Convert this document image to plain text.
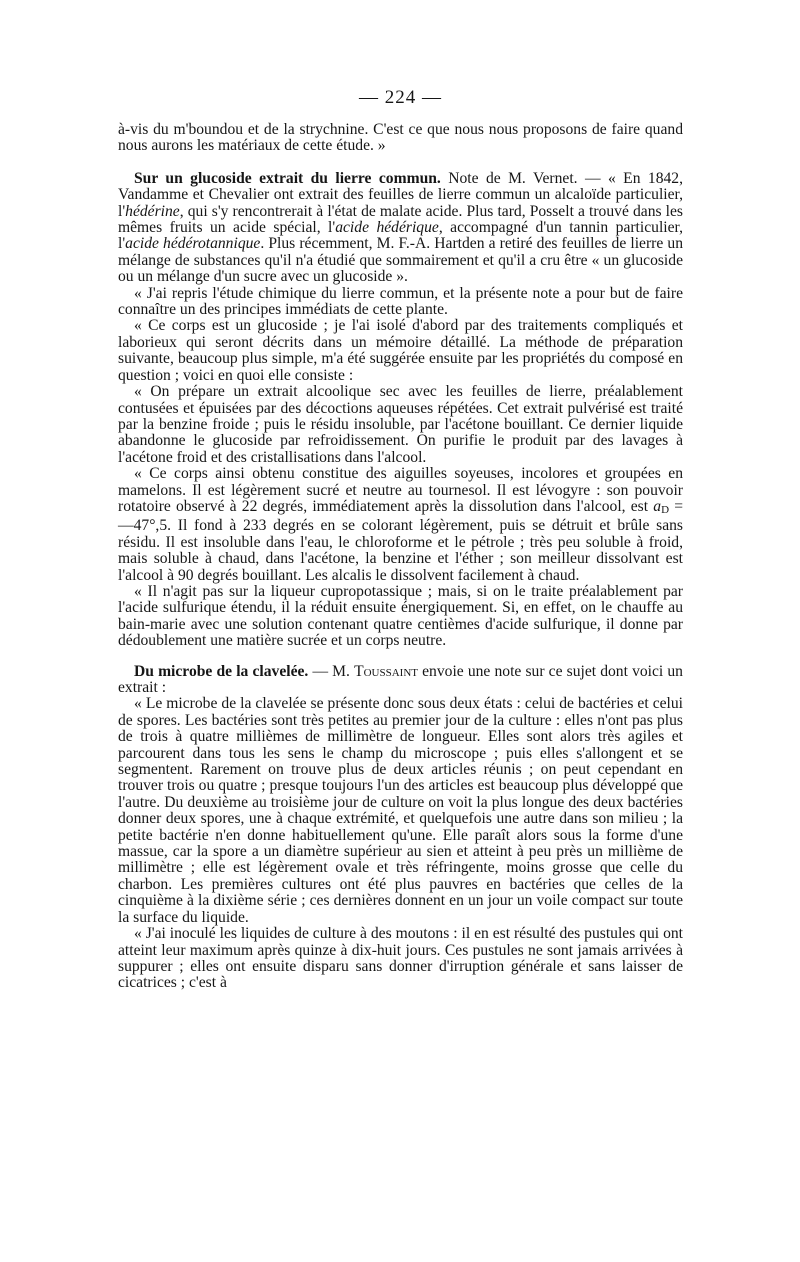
— 224 —

à-vis du m'boundou et de la strychnine. C'est ce que nous nous proposons de faire quand nous aurons les matériaux de cette étude. »

Sur un glucoside extrait du lierre commun. Note de M. Vernet. — « En 1842, Vandamme et Chevalier ont extrait des feuilles de lierre commun un alcaloïde particulier, l'hédérine, qui s'y rencontrerait à l'état de malate acide. Plus tard, Posselt a trouvé dans les mêmes fruits un acide spécial, l'acide hédérique, accompagné d'un tannin particulier, l'acide hédérotannique. Plus récemment, M. F.-A. Hartden a retiré des feuilles de lierre un mélange de substances qu'il n'a étudié que sommairement et qu'il a cru être « un glucoside ou un mélange d'un sucre avec un glucoside ».

« J'ai repris l'étude chimique du lierre commun, et la présente note a pour but de faire connaître un des principes immédiats de cette plante.

« Ce corps est un glucoside ; je l'ai isolé d'abord par des traitements compliqués et laborieux qui seront décrits dans un mémoire détaillé. La méthode de préparation suivante, beaucoup plus simple, m'a été suggérée ensuite par les propriétés du composé en question ; voici en quoi elle consiste :

« On prépare un extrait alcoolique sec avec les feuilles de lierre, préalablement contusées et épuisées par des décoctions aqueuses répétées. Cet extrait pulvérisé est traité par la benzine froide ; puis le résidu insoluble, par l'acétone bouillant. Ce dernier liquide abandonne le glucoside par refroidissement. On purifie le produit par des lavages à l'acétone froid et des cristallisations dans l'alcool.

« Ce corps ainsi obtenu constitue des aiguilles soyeuses, incolores et groupées en mamelons. Il est légèrement sucré et neutre au tournesol. Il est lévogyre : son pouvoir rotatoire observé à 22 degrés, immédiatement après la dissolution dans l'alcool, est aD = —47°,5. Il fond à 233 degrés en se colorant légèrement, puis se détruit et brûle sans résidu. Il est insoluble dans l'eau, le chloroforme et le pétrole ; très peu soluble à froid, mais soluble à chaud, dans l'acétone, la benzine et l'éther ; son meilleur dissolvant est l'alcool à 90 degrés bouillant. Les alcalis le dissolvent facilement à chaud.

« Il n'agit pas sur la liqueur cupropotassique ; mais, si on le traite préalablement par l'acide sulfurique étendu, il la réduit ensuite énergiquement. Si, en effet, on le chauffe au bain-marie avec une solution contenant quatre centièmes d'acide sulfurique, il donne par dédoublement une matière sucrée et un corps neutre.

Du microbe de la clavelée. — M. Toussaint envoie une note sur ce sujet dont voici un extrait :

« Le microbe de la clavelée se présente donc sous deux états : celui de bactéries et celui de spores. Les bactéries sont très petites au premier jour de la culture : elles n'ont pas plus de trois à quatre millièmes de millimètre de longueur. Elles sont alors très agiles et parcourent dans tous les sens le champ du microscope ; puis elles s'allongent et se segmentent. Rarement on trouve plus de deux articles réunis ; on peut cependant en trouver trois ou quatre ; presque toujours l'un des articles est beaucoup plus développé que l'autre. Du deuxième au troisième jour de culture on voit la plus longue des deux bactéries donner deux spores, une à chaque extrémité, et quelquefois une autre dans son milieu ; la petite bactérie n'en donne habituellement qu'une. Elle paraît alors sous la forme d'une massue, car la spore a un diamètre supérieur au sien et atteint à peu près un millième de millimètre ; elle est légèrement ovale et très réfringente, moins grosse que celle du charbon. Les premières cultures ont été plus pauvres en bactéries que celles de la cinquième à la dixième série ; ces dernières donnent en un jour un voile compact sur toute la surface du liquide.

« J'ai inoculé les liquides de culture à des moutons : il en est résulté des pustules qui ont atteint leur maximum après quinze à dix-huit jours. Ces pustules ne sont jamais arrivées à suppurer ; elles ont ensuite disparu sans donner d'irruption générale et sans laisser de cicatrices ; c'est à
